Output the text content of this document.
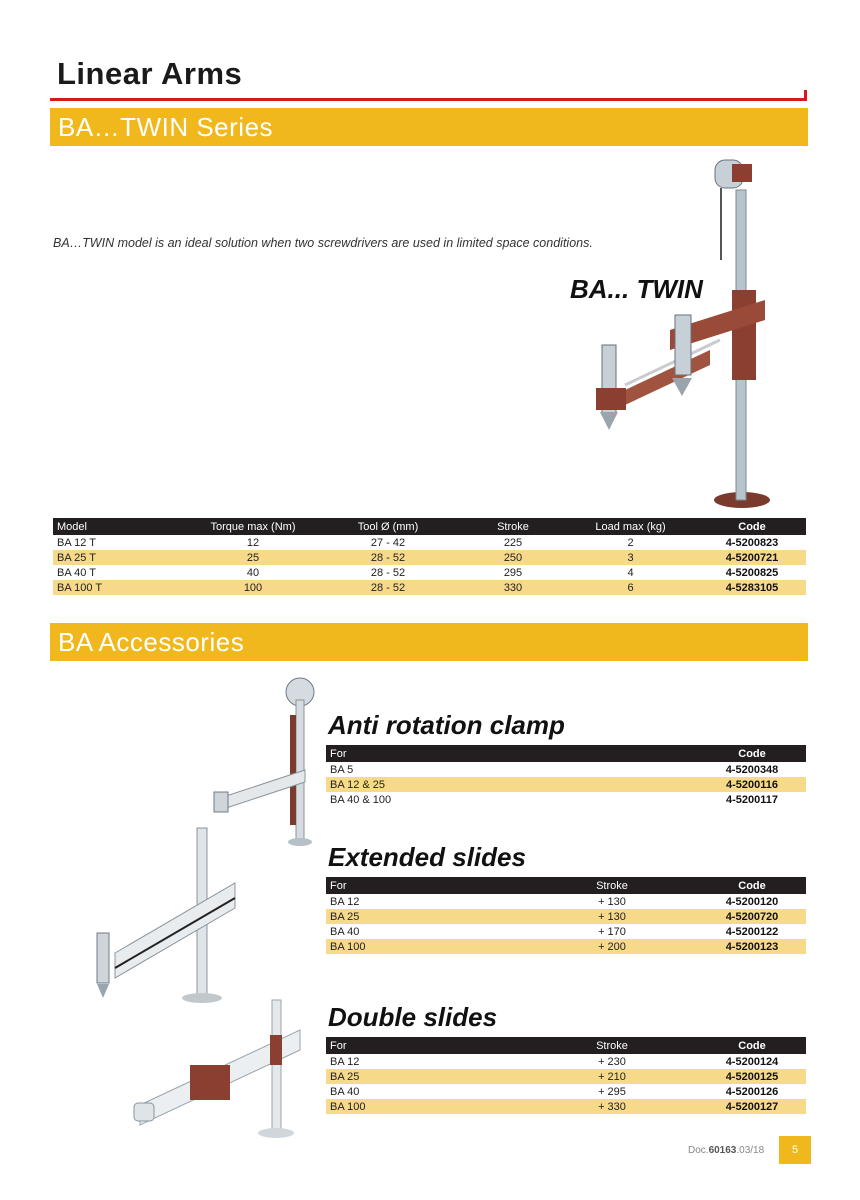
Linear Arms
BA…TWIN Series
BA…TWIN model is an ideal solution when two screwdrivers are used in limited space conditions.
BA... TWIN
Model	Torque max (Nm)	Tool Ø (mm)	Stroke	Load max (kg)	Code
BA 12 T	12	27 - 42	225	2	4-5200823
BA 25 T	25	28 - 52	250	3	4-5200721
BA 40 T	40	28 - 52	295	4	4-5200825
BA 100 T	100	28 - 52	330	6	4-5283105
BA Accessories
Anti rotation clamp
For	Code
BA 5	4-5200348
BA 12 & 25	4-5200116
BA 40 & 100	4-5200117
Extended slides
For	Stroke	Code
BA 12	+ 130	4-5200120
BA 25	+ 130	4-5200720
BA 40	+ 170	4-5200122
BA 100	+ 200	4-5200123
Double slides
For	Stroke	Code
BA 12	+ 230	4-5200124
BA 25	+ 210	4-5200125
BA 40	+ 295	4-5200126
BA 100	+ 330	4-5200127
Doc.60163.03/18	5
